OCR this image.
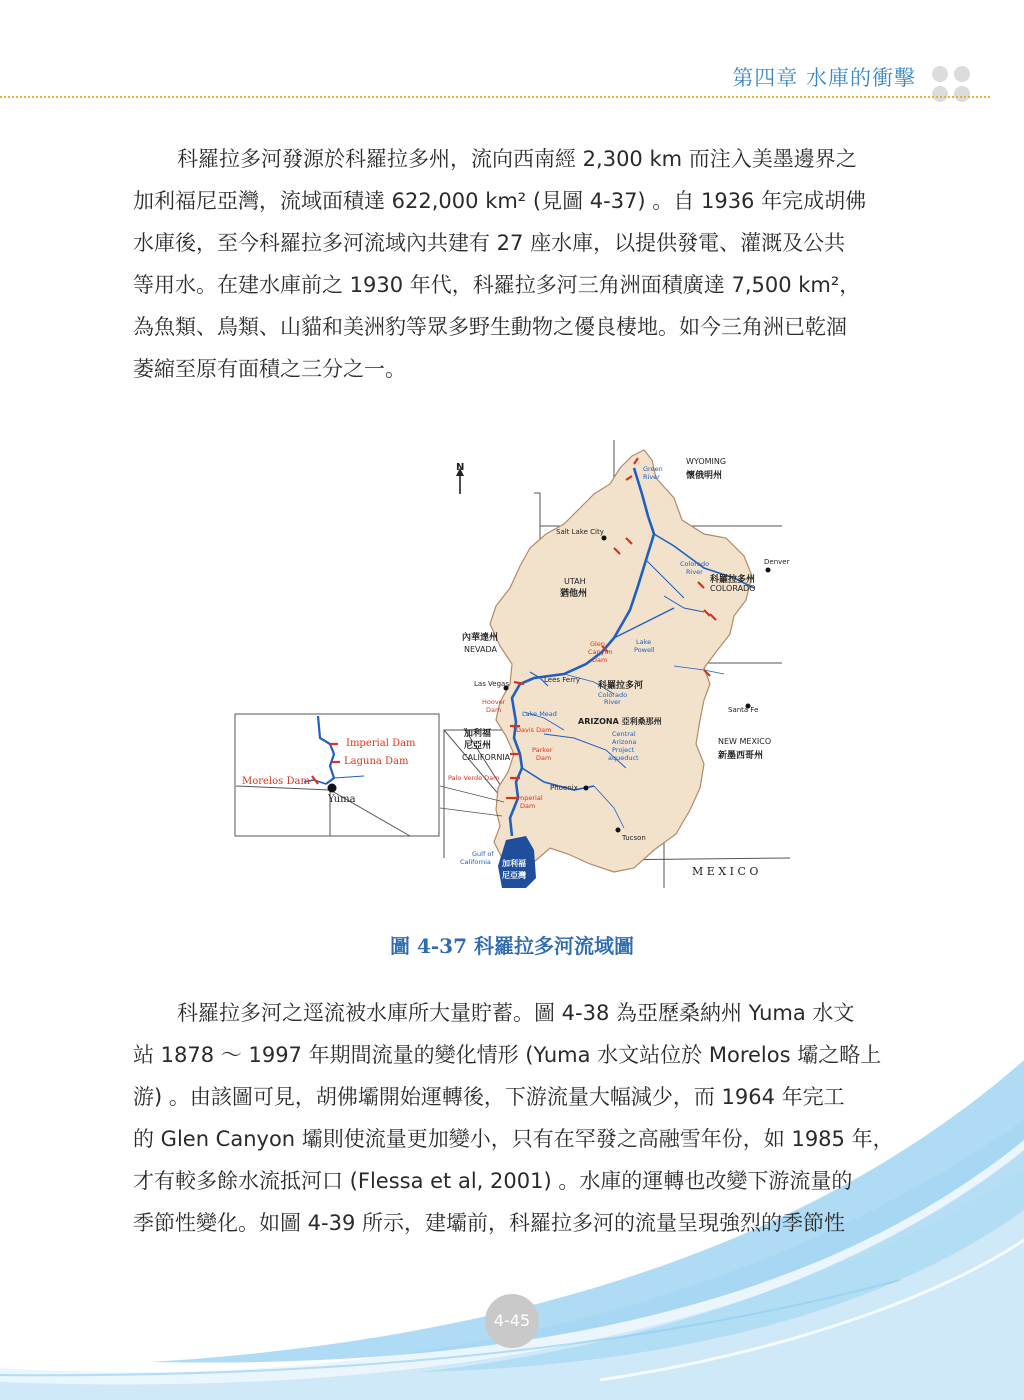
第四章 水庫的衝擊

科羅拉多河發源於科羅拉多州，流向西南經 2,300 km 而注入美墨邊界之

加利福尼亞灣，流域面積達 622,000 km² (見圖 4-37) 。自 1936 年完成胡佛

水庫後，至今科羅拉多河流域內共建有 27 座水庫，以提供發電、灌溉及公共

等用水。在建水庫前之 1930 年代，科羅拉多河三角洲面積廣達 7,500 km²，

為魚類、鳥類、山貓和美洲豹等眾多野生動物之優良棲地。如今三角洲已乾涸

萎縮至原有面積之三分之一。

N
Imperial Dam
Laguna Dam
Morelos Dam
Yuma
WYOMING
懷俄明州
Green
River
Salt Lake City
Denver
Colorado
River
科羅拉多州
COLORADO
UTAH
猶他州
內華達州
NEVADA
Glen
Canyon
Dam
Lake
Powell
Las Vegas	Lees Ferry
科羅拉多河
Colorado
River
Hoover
Dam	Lake Mead
ARIZONA 亞利桑那州
Santa Fe
加利福
尼亞州
CALIFORNIA
Davis Dam	Central
Arizona
Project
aqueduct
NEW MEXICO
新墨西哥州
Parker
Dam
Palo Verde Dam
Phoenix
Imperial
Dam
Tucson
Gulf of
California 加利福
尼亞灣	M E X I C O
圖 4-37 科羅拉多河流域圖

科羅拉多河之逕流被水庫所大量貯蓄。圖 4-38 為亞歷桑納州 Yuma 水文

站 1878 ～ 1997 年期間流量的變化情形 (Yuma 水文站位於 Morelos 壩之略上

游) 。由該圖可見，胡佛壩開始運轉後，下游流量大幅減少，而 1964 年完工

的 Glen Canyon 壩則使流量更加變小，只有在罕發之高融雪年份，如 1985 年，

才有較多餘水流抵河口 (Flessa et al, 2001) 。水庫的運轉也改變下游流量的

季節性變化。如圖 4-39 所示，建壩前，科羅拉多河的流量呈現強烈的季節性

4-45
